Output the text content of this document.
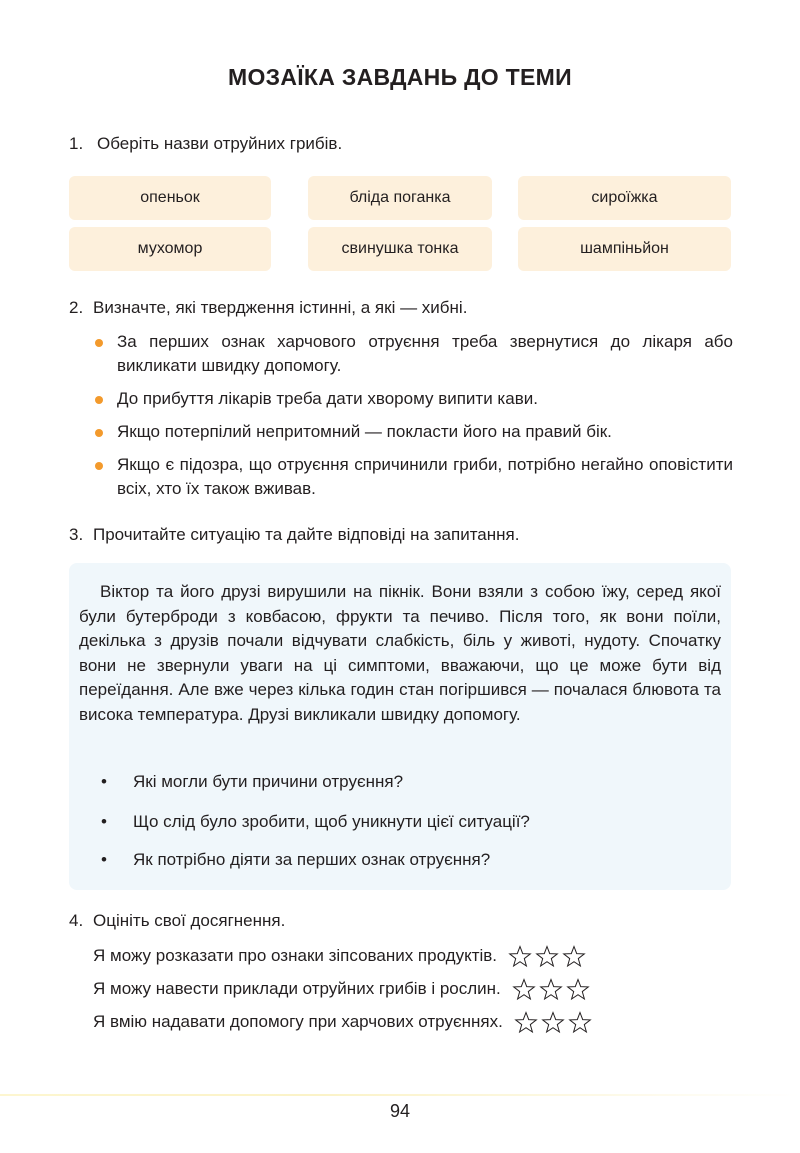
МОЗАЇКА ЗАВДАНЬ ДО ТЕМИ
1. Оберіть назви отруйних грибів.
опеньок	бліда поганка	сироїжка
мухомор	свинушка тонка	шампіньйон
2. Визначте, які твердження істинні, а які — хибні.
За перших ознак харчового отруєння треба звернутися до лікаря або викликати швидку допомогу.
До прибуття лікарів треба дати хворому випити кави.
Якщо потерпілий непритомний — покласти його на правий бік.
Якщо є підозра, що отруєння спричинили гриби, потрібно негайно оповістити всіх, хто їх також вживав.
3. Прочитайте ситуацію та дайте відповіді на запитання.
Віктор та його друзі вирушили на пікнік. Вони взяли з собою їжу, серед якої були бутерброди з ковбасою, фрукти та печиво. Після того, як вони поїли, декілька з друзів почали відчувати слабкість, біль у животі, нудоту. Спочатку вони не звернули уваги на ці симптоми, вважаючи, що це може бути від переїдання. Але вже через кілька годин стан погіршився — почалася блювота та висока температура. Друзі викликали швидку допомогу.
• Які могли бути причини отруєння?
• Що слід було зробити, щоб уникнути цієї ситуації?
• Як потрібно діяти за перших ознак отруєння?
4. Оцініть свої досягнення.
Я можу розказати про ознаки зіпсованих продуктів.
Я можу навести приклади отруйних грибів і рослин.
Я вмію надавати допомогу при харчових отруєннях.
94
